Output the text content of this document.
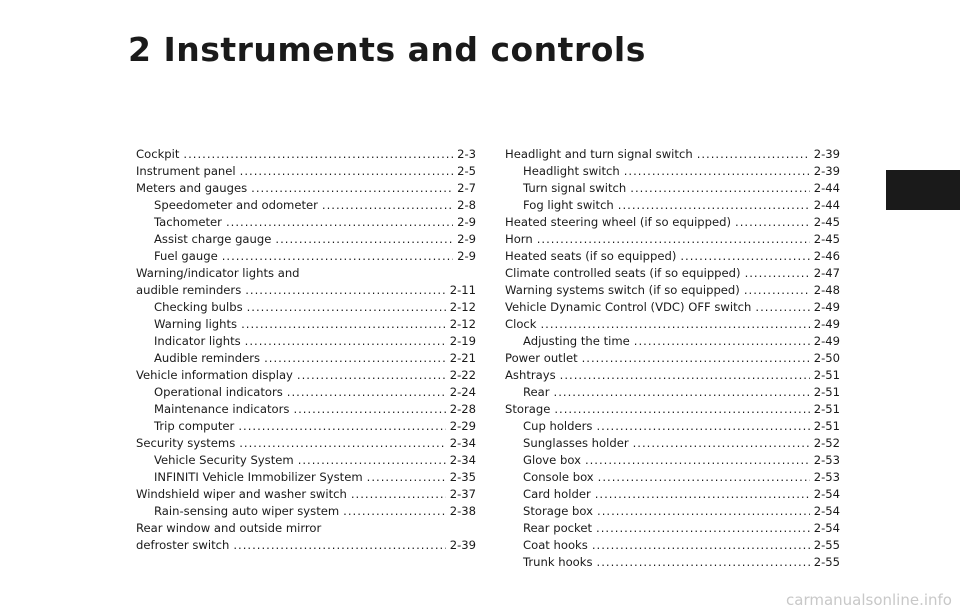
2 Instruments and controls
Cockpit .....	2-3
Instrument panel .....	2-5
Meters and gauges .....	2-7
Speedometer and odometer .....	2-8
Tachometer .....	2-9
Assist charge gauge .....	2-9
Fuel gauge .....	2-9
Warning/indicator lights and
audible reminders .....	2-11
Checking bulbs .....	2-12
Warning lights .....	2-12
Indicator lights .....	2-19
Audible reminders .....	2-21
Vehicle information display .....	2-22
Operational indicators .....	2-24
Maintenance indicators .....	2-28
Trip computer .....	2-29
Security systems .....	2-34
Vehicle Security System .....	2-34
INFINITI Vehicle Immobilizer System .....	2-35
Windshield wiper and washer switch .....	2-37
Rain-sensing auto wiper system .....	2-38
Rear window and outside mirror
defroster switch .....	2-39
Headlight and turn signal switch .....	2-39
Headlight switch .....	2-39
Turn signal switch .....	2-44
Fog light switch .....	2-44
Heated steering wheel (if so equipped) .....	2-45
Horn .....	2-45
Heated seats (if so equipped) .....	2-46
Climate controlled seats (if so equipped) .....	2-47
Warning systems switch (if so equipped) .....	2-48
Vehicle Dynamic Control (VDC) OFF switch .....	2-49
Clock .....	2-49
Adjusting the time .....	2-49
Power outlet .....	2-50
Ashtrays .....	2-51
Rear .....	2-51
Storage .....	2-51
Cup holders .....	2-51
Sunglasses holder .....	2-52
Glove box .....	2-53
Console box .....	2-53
Card holder .....	2-54
Storage box .....	2-54
Rear pocket .....	2-54
Coat hooks .....	2-55
Trunk hooks .....	2-55
carmanualsonline.info
